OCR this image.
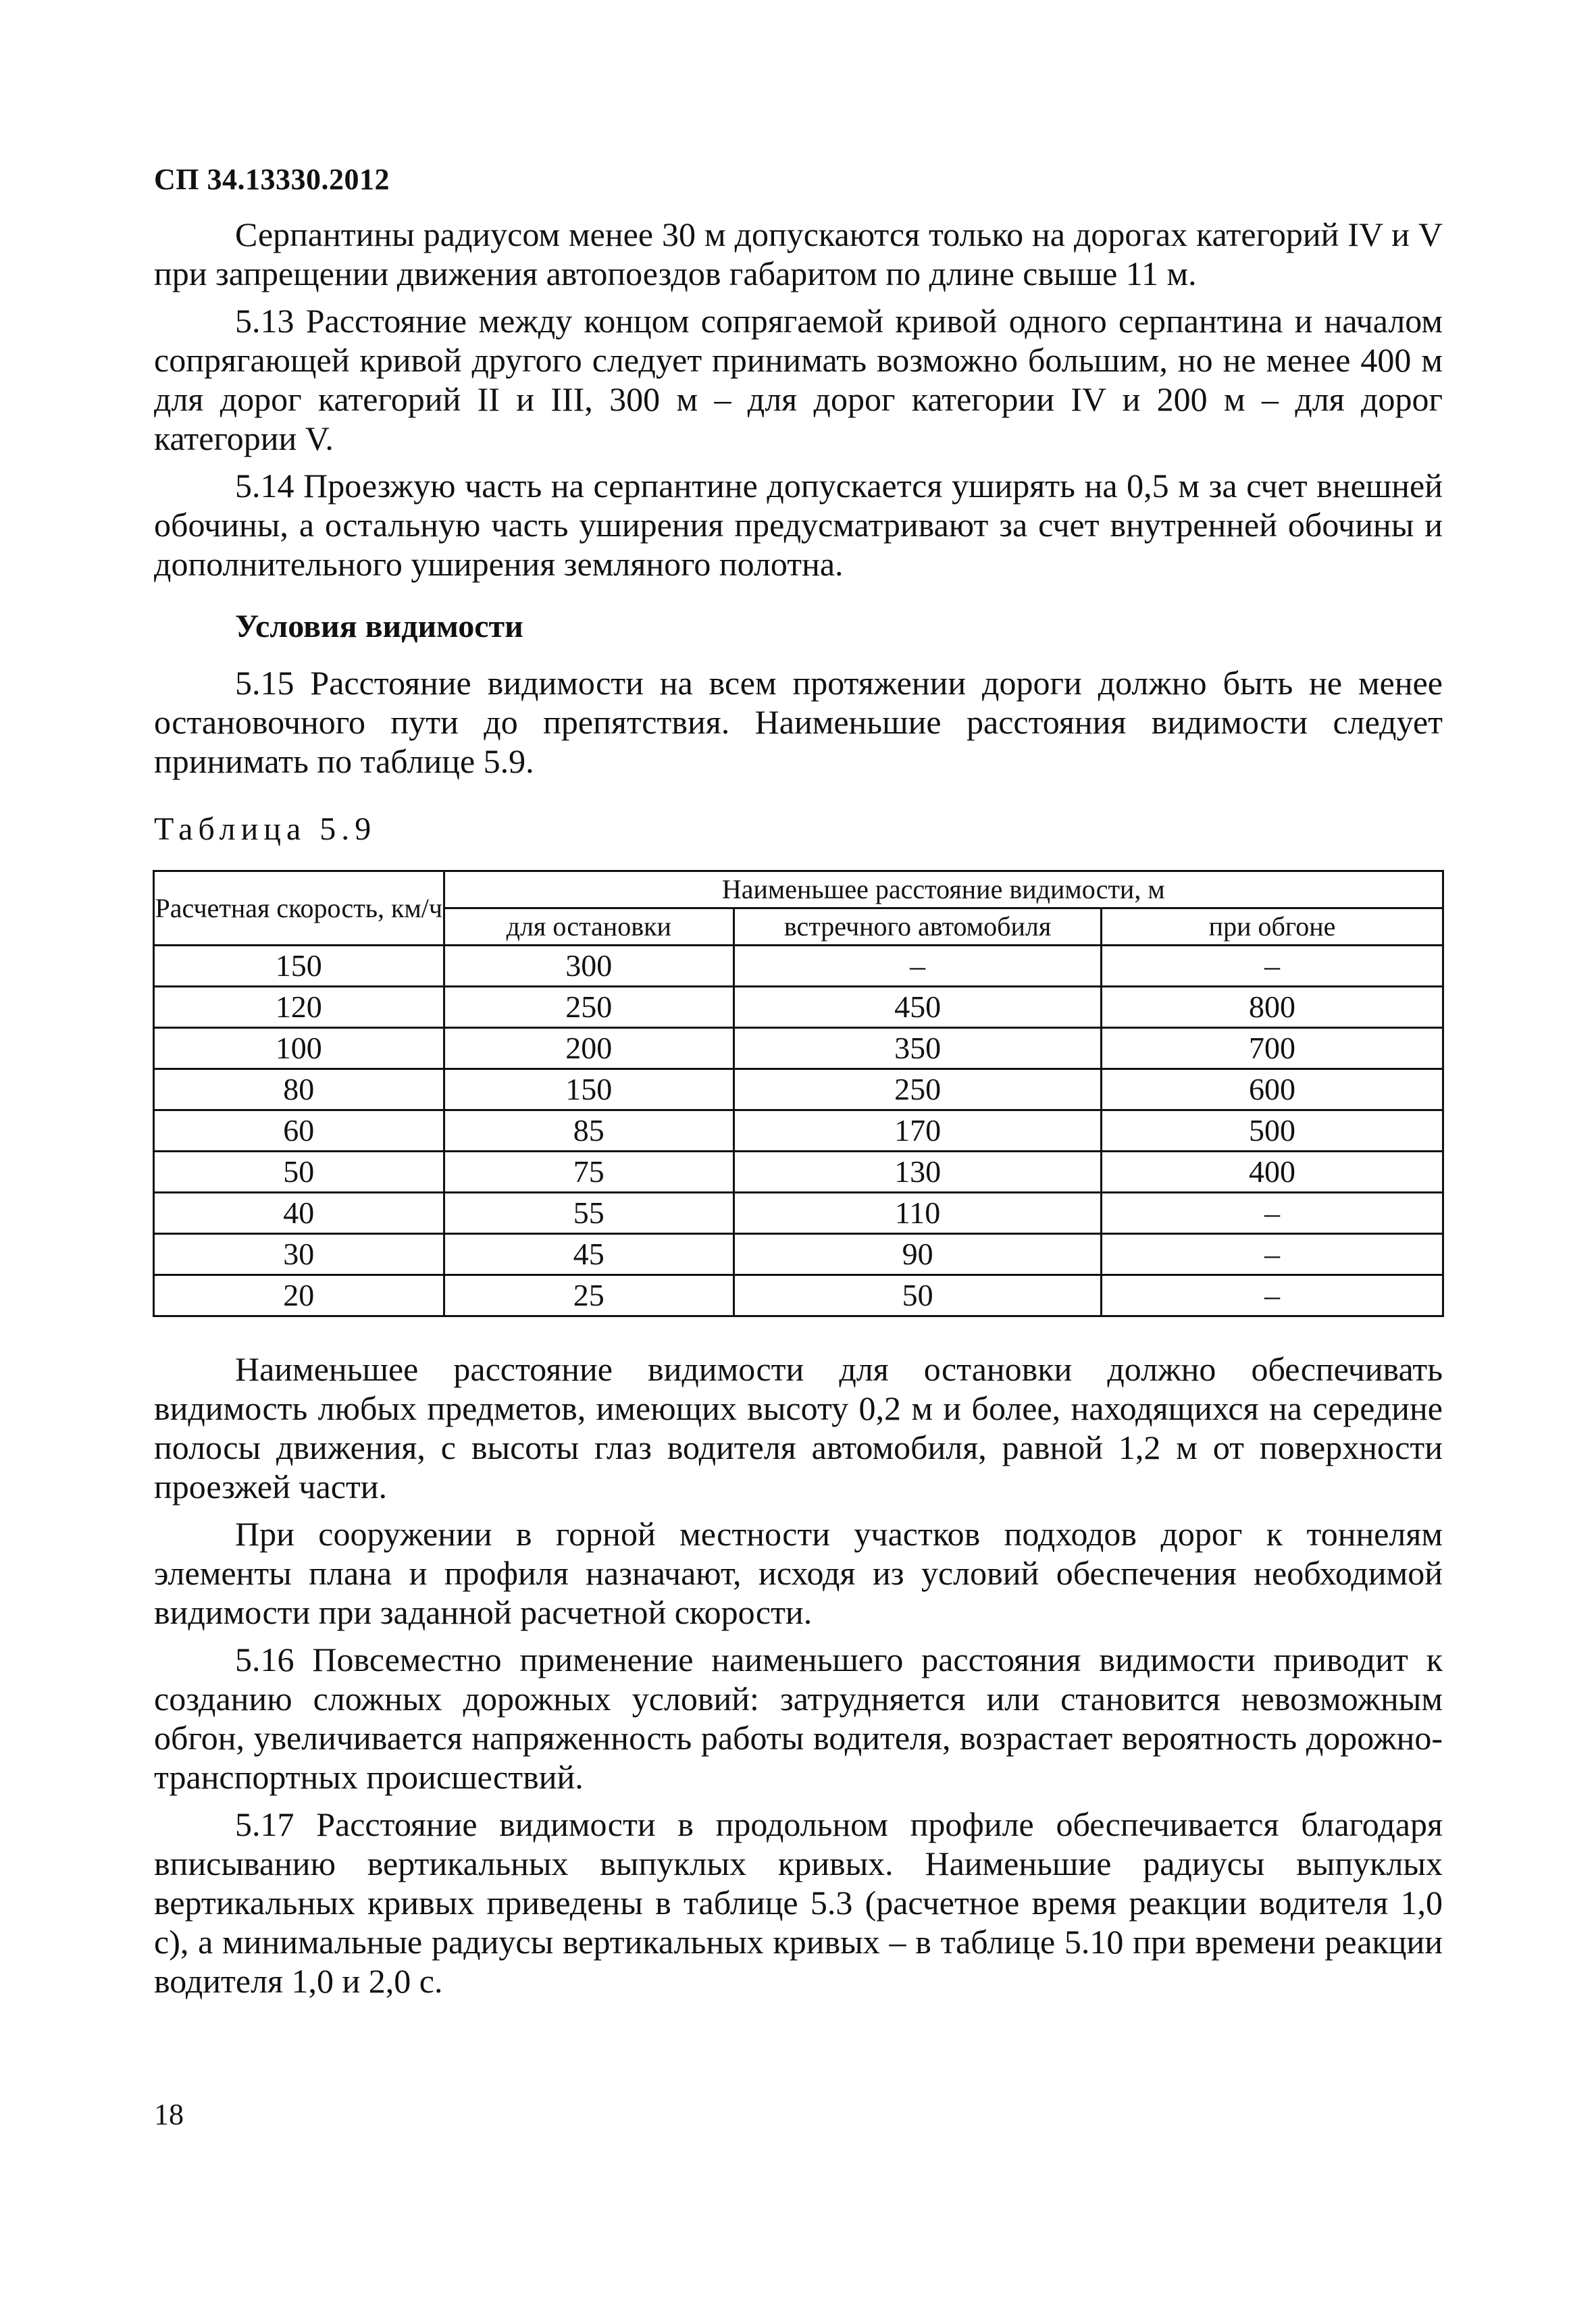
СП 34.13330.2012

Серпантины радиусом менее 30 м допускаются только на дорогах категорий IV и V при запрещении движения автопоездов габаритом по длине свыше 11 м.

5.13 Расстояние между концом сопрягаемой кривой одного серпантина и началом сопрягающей кривой другого следует принимать возможно большим, но не менее 400 м для дорог категорий II и III, 300 м – для дорог категории IV и 200 м – для дорог категории V.

5.14 Проезжую часть на серпантине допускается уширять на 0,5 м за счет внешней обочины, а остальную часть уширения предусматривают за счет внутренней обочины и дополнительного уширения земляного полотна.

Условия видимости

5.15 Расстояние видимости на всем протяжении дороги должно быть не менее остановочного пути до препятствия. Наименьшие расстояния видимости следует принимать по таблице 5.9.

Таблица 5.9
Расчетная скорость, км/ч	Наименьшее расстояние видимости, м		
	для остановки	встречного автомобиля	при обгоне
150	300	–	–
120	250	450	800
100	200	350	700
80	150	250	600
60	85	170	500
50	75	130	400
40	55	110	–
30	45	90	–
20	25	50	–

Наименьшее расстояние видимости для остановки должно обеспечивать видимость любых предметов, имеющих высоту 0,2 м и более, находящихся на середине полосы движения, с высоты глаз водителя автомобиля, равной 1,2 м от поверхности проезжей части.

При сооружении в горной местности участков подходов дорог к тоннелям элементы плана и профиля назначают, исходя из условий обеспечения необходимой видимости при заданной расчетной скорости.

5.16 Повсеместно применение наименьшего расстояния видимости приводит к созданию сложных дорожных условий: затрудняется или становится невозможным обгон, увеличивается напряженность работы водителя, возрастает вероятность дорожно-транспортных происшествий.

5.17 Расстояние видимости в продольном профиле обеспечивается благодаря вписыванию вертикальных выпуклых кривых. Наименьшие радиусы выпуклых вертикальных кривых приведены в таблице 5.3 (расчетное время реакции водителя 1,0 с), а минимальные радиусы вертикальных кривых – в таблице 5.10 при времени реакции водителя 1,0 и 2,0 с.

18
